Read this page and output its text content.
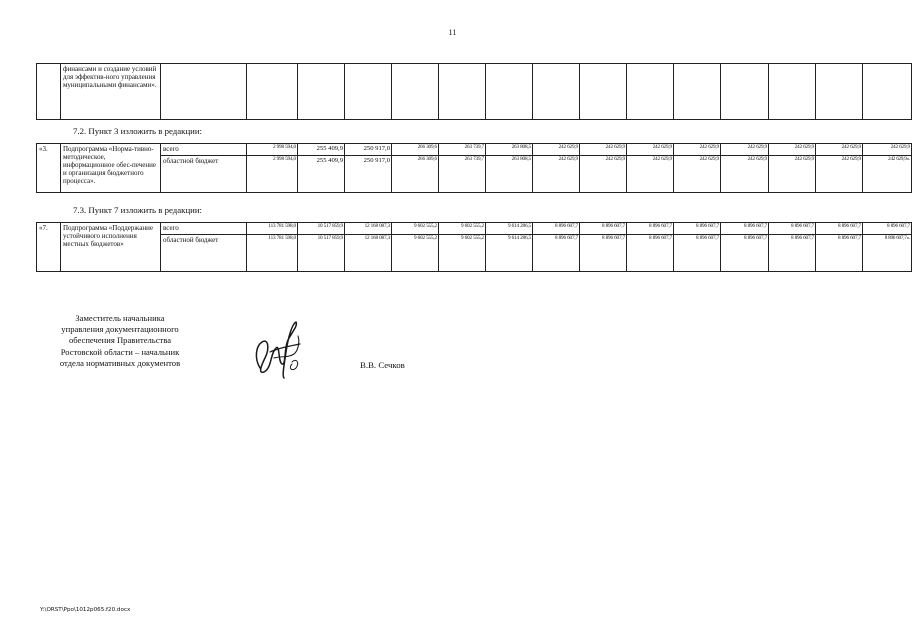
11
	финансами и создание условий для эффектив-ного управления муниципальными финансами».															
7.2. Пункт 3 изложить в редакции:
«3.	Подпрограмма «Норма-тивно-методическое, информационное обес-печение и организация бюджетного процесса».	всего	2 998 594,0	255 409,9	250 917,0	266 309,6	263 739,7	263 808,5	242 629,9	242 629,9	242 629,9	242 629,9	242 629,9	242 629,9	242 629,9	242 629,9
		областной бюджет	2 998 594,0	255 409,9	250 917,0	266 309,6	263 739,7	263 808,5	242 629,9	242 629,9	242 629,9	242 629,9	242 629,9	242 629,9	242 629,9	242 629,9».
7.3. Пункт 7 изложить в редакции:
«7.	Подпрограмма «Поддержание устойчивого исполнения местных бюджетов»	всего	113 781 598,0	10 517 859,9	12 168 087,3	9 602 555,2	9 602 555,2	9 614 286,5	8 896 607,7	8 896 607,7	8 896 607,7	8 896 607,7	8 896 607,7	8 896 607,7	8 896 607,7	8 896 607,7
		областной бюджет	113 781 598,0	10 517 859,9	12 168 087,3	9 602 555,2	9 602 555,2	9 614 286,5	8 896 607,7	8 896 607,7	8 896 607,7	8 896 607,7	8 896 607,7	8 896 607,7	8 896 607,7	8 896 607,7».
Заместитель начальника
управления документационного
обеспечения Правительства
Ростовской области – начальник
отдела нормативных документов	В.В. Сечков
Y:\ORST\Ppo\1012p065.f20.docx
